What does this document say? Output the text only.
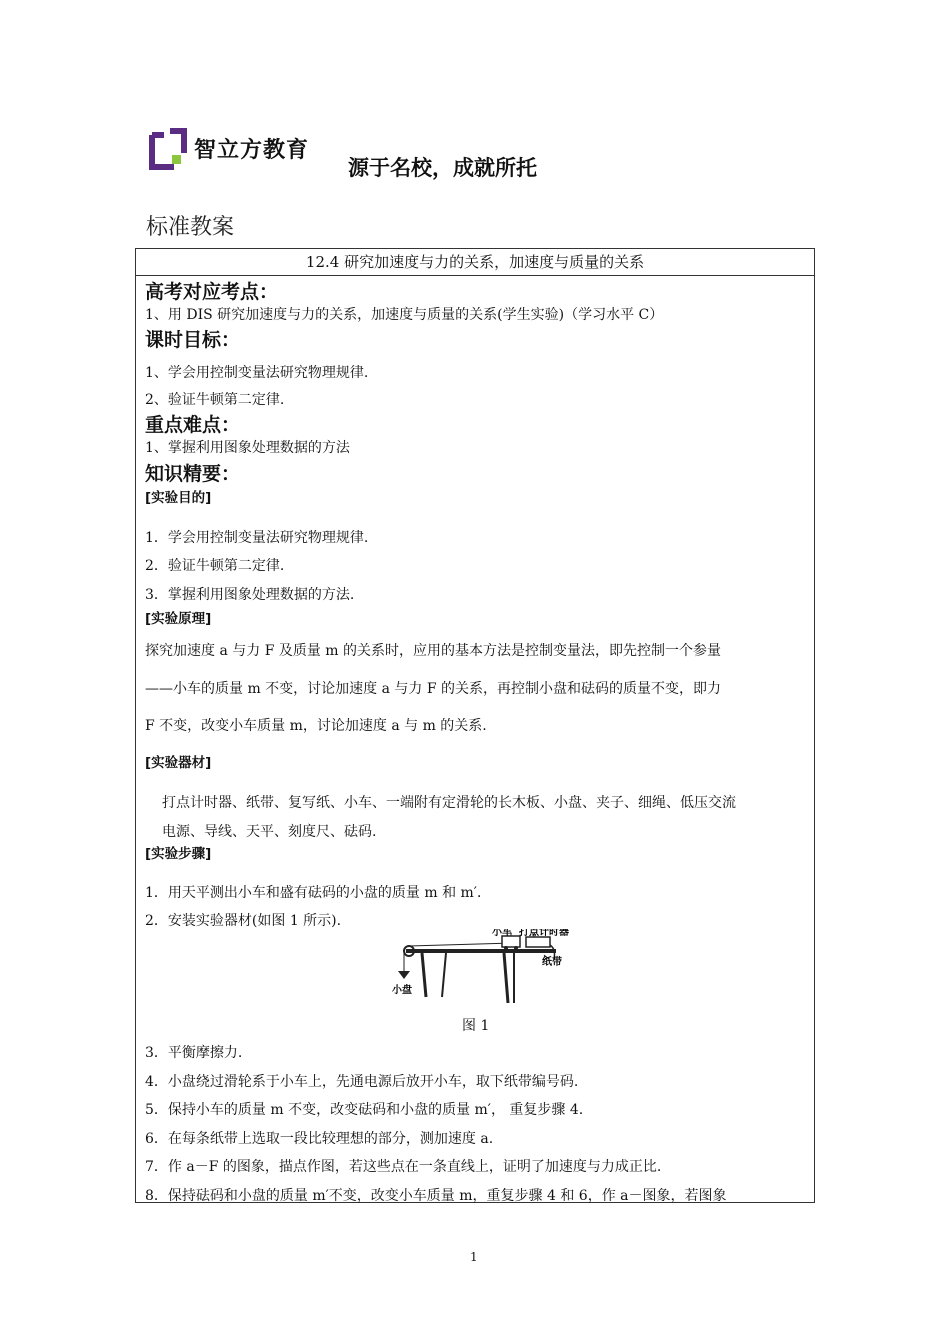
智立方教育
源于名校，成就所托
标准教案
12.4 研究加速度与力的关系，加速度与质量的关系
高考对应考点：
1、用 DIS 研究加速度与力的关系，加速度与质量的关系(学生实验)（学习水平 C）
课时目标：
1、学会用控制变量法研究物理规律.
2、验证牛顿第二定律.
重点难点：
1、掌握利用图象处理数据的方法
知识精要：
[实验目的]
1．学会用控制变量法研究物理规律.
2．验证牛顿第二定律.
3．掌握利用图象处理数据的方法.
[实验原理]
探究加速度 a 与力 F 及质量 m 的关系时，应用的基本方法是控制变量法，即先控制一个参量
——小车的质量 m 不变，讨论加速度 a 与力 F 的关系，再控制小盘和砝码的质量不变，即力
F 不变，改变小车质量 m，讨论加速度 a 与 m 的关系.
[实验器材]
打点计时器、纸带、复写纸、小车、一端附有定滑轮的长木板、小盘、夹子、细绳、低压交流
电源、导线、天平、刻度尺、砝码.
[实验步骤]
1．用天平测出小车和盛有砝码的小盘的质量 m 和 m′．
2．安装实验器材(如图 1 所示).
小车 打点计时器
纸带
小盘
图 1
3．平衡摩擦力.
4．小盘绕过滑轮系于小车上，先通电源后放开小车，取下纸带编号码.
5．保持小车的质量 m 不变，改变砝码和小盘的质量 m′， 重复步骤 4.
6．在每条纸带上选取一段比较理想的部分，测加速度 a.
7．作 a－F 的图象，描点作图，若这些点在一条直线上，证明了加速度与力成正比.
8．保持砝码和小盘的质量 m′不变，改变小车质量 m，重复步骤 4 和 6，作 a－图象，若图象
1
